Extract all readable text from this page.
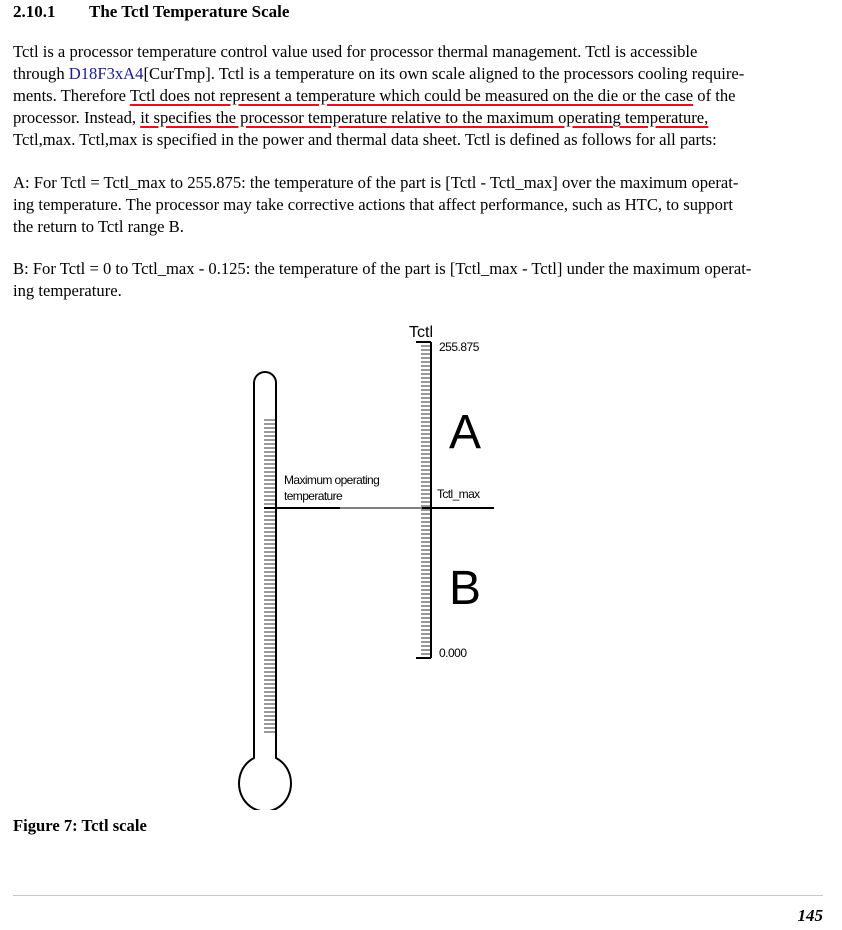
2.10.1 The Tctl Temperature Scale
Tctl is a processor temperature control value used for processor thermal management. Tctl is accessible
through D18F3xA4[CurTmp]. Tctl is a temperature on its own scale aligned to the processors cooling require-
ments. Therefore Tctl does not represent a temperature which could be measured on the die or the case of the
processor. Instead, it specifies the processor temperature relative to the maximum operating temperature,
Tctl,max. Tctl,max is specified in the power and thermal data sheet. Tctl is defined as follows for all parts:
A: For Tctl = Tctl_max to 255.875: the temperature of the part is [Tctl - Tctl_max] over the maximum operat-
ing temperature. The processor may take corrective actions that affect performance, such as HTC, to support
the return to Tctl range B.
B: For Tctl = 0 to Tctl_max - 0.125: the temperature of the part is [Tctl_max - Tctl] under the maximum operat-
ing temperature.
Maximum operating
temperature
Tctl
255.875
Tctl_max
0.000
A
B
Figure 7: Tctl scale
145
